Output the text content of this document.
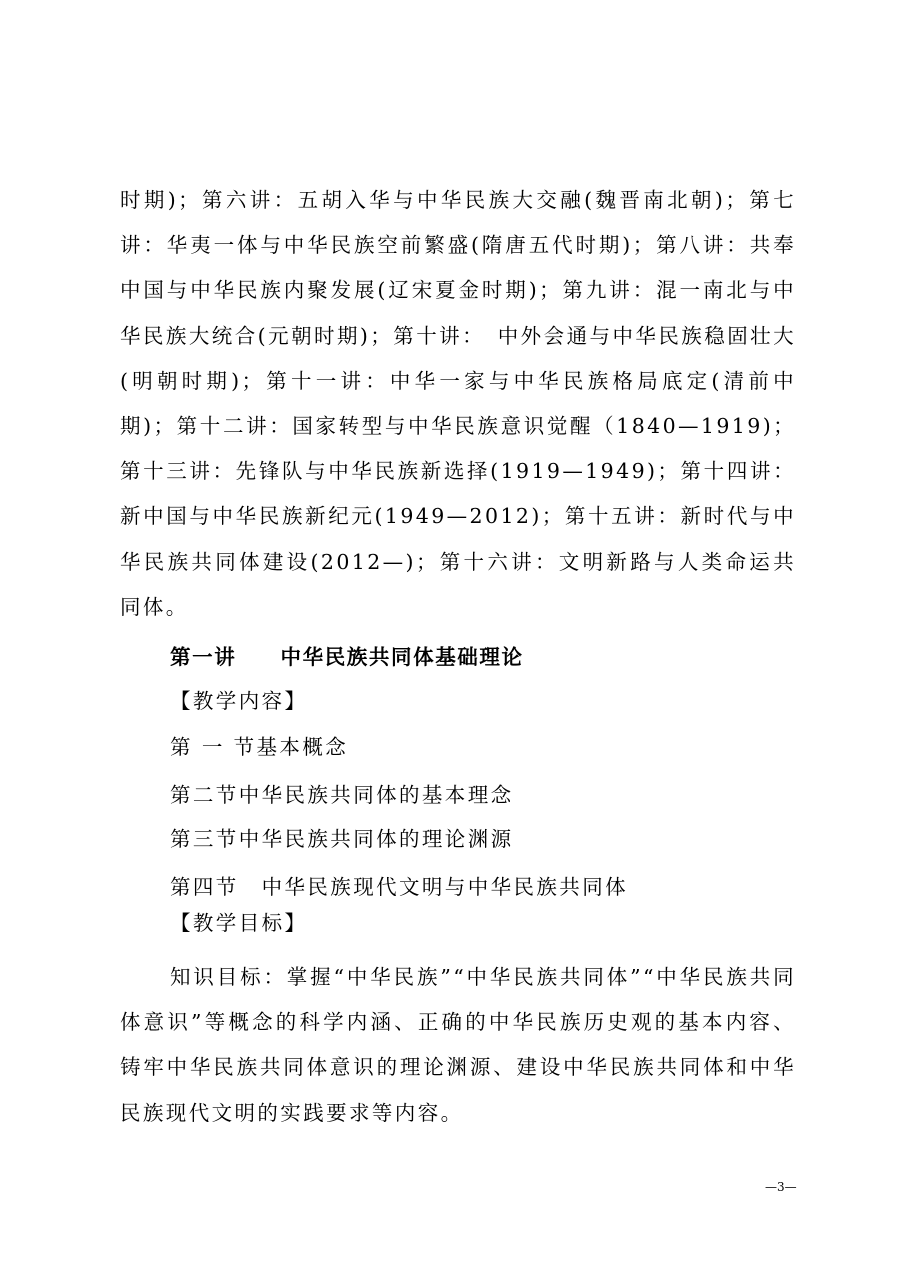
时期)；第六讲：五胡入华与中华民族大交融(魏晋南北朝)；第七讲：华夷一体与中华民族空前繁盛(隋唐五代时期)；第八讲：共奉中国与中华民族内聚发展(辽宋夏金时期)；第九讲：混一南北与中华民族大统合(元朝时期)；第十讲：　中外会通与中华民族稳固壮大(明朝时期)；第十一讲：中华一家与中华民族格局底定(清前中期)；第十二讲：国家转型与中华民族意识觉醒（1840—1919)；第十三讲：先锋队与中华民族新选择(1919—1949)；第十四讲：新中国与中华民族新纪元(1949—2012)；第十五讲：新时代与中华民族共同体建设(2012—)；第十六讲：文明新路与人类命运共同体。

第一讲　　中华民族共同体基础理论

【教学内容】

第 一 节基本概念

第二节中华民族共同体的基本理念

第三节中华民族共同体的理论渊源

第四节　中华民族现代文明与中华民族共同体

【教学目标】

知识目标：掌握“中华民族”“中华民族共同体”“中华民族共同体意识”等概念的科学内涵、正确的中华民族历史观的基本内容、铸牢中华民族共同体意识的理论渊源、建设中华民族共同体和中华民族现代文明的实践要求等内容。

—3—
